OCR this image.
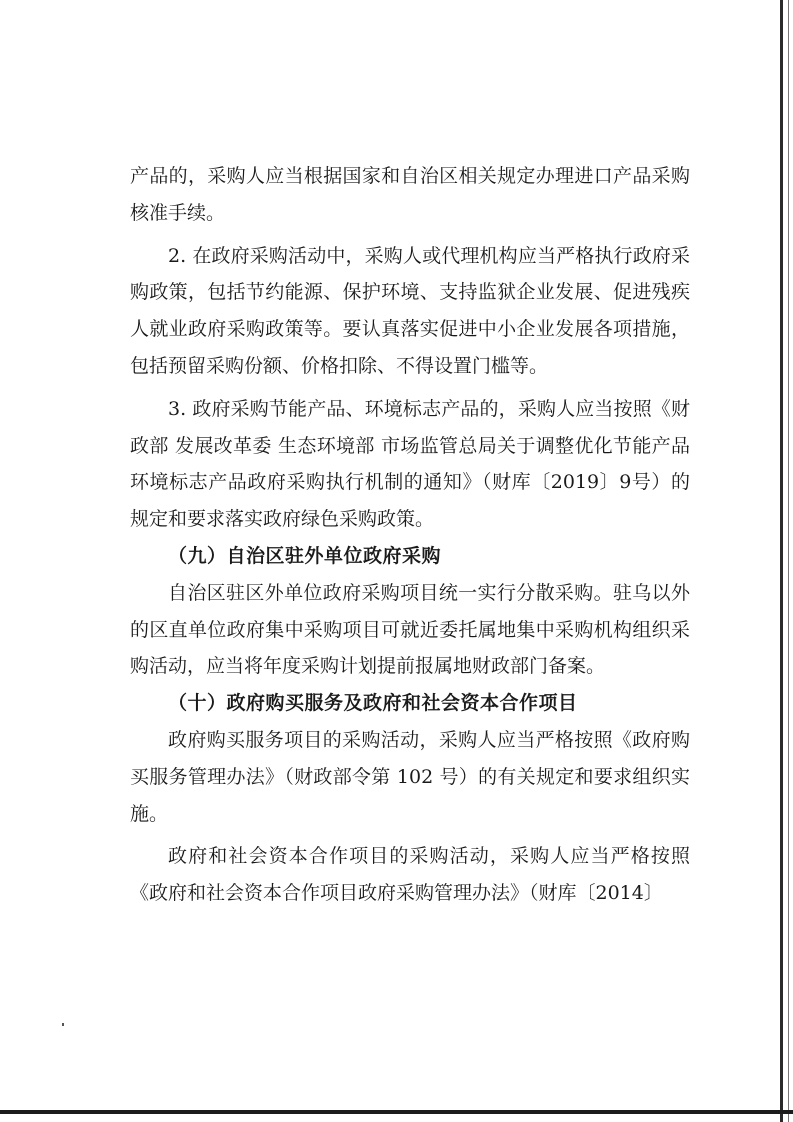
产品的，采购人应当根据国家和自治区相关规定办理进口产品采购核准手续。

2. 在政府采购活动中，采购人或代理机构应当严格执行政府采购政策，包括节约能源、保护环境、支持监狱企业发展、促进残疾人就业政府采购政策等。要认真落实促进中小企业发展各项措施，包括预留采购份额、价格扣除、不得设置门槛等。

3. 政府采购节能产品、环境标志产品的，采购人应当按照《财政部 发展改革委 生态环境部 市场监管总局关于调整优化节能产品 环境标志产品政府采购执行机制的通知》（财库〔2019〕9号）的规定和要求落实政府绿色采购政策。

（九）自治区驻外单位政府采购

自治区驻区外单位政府采购项目统一实行分散采购。驻乌以外的区直单位政府集中采购项目可就近委托属地集中采购机构组织采购活动，应当将年度采购计划提前报属地财政部门备案。

（十）政府购买服务及政府和社会资本合作项目

政府购买服务项目的采购活动，采购人应当严格按照《政府购买服务管理办法》（财政部令第 102 号）的有关规定和要求组织实施。

政府和社会资本合作项目的采购活动，采购人应当严格按照《政府和社会资本合作项目政府采购管理办法》（财库〔2014〕
